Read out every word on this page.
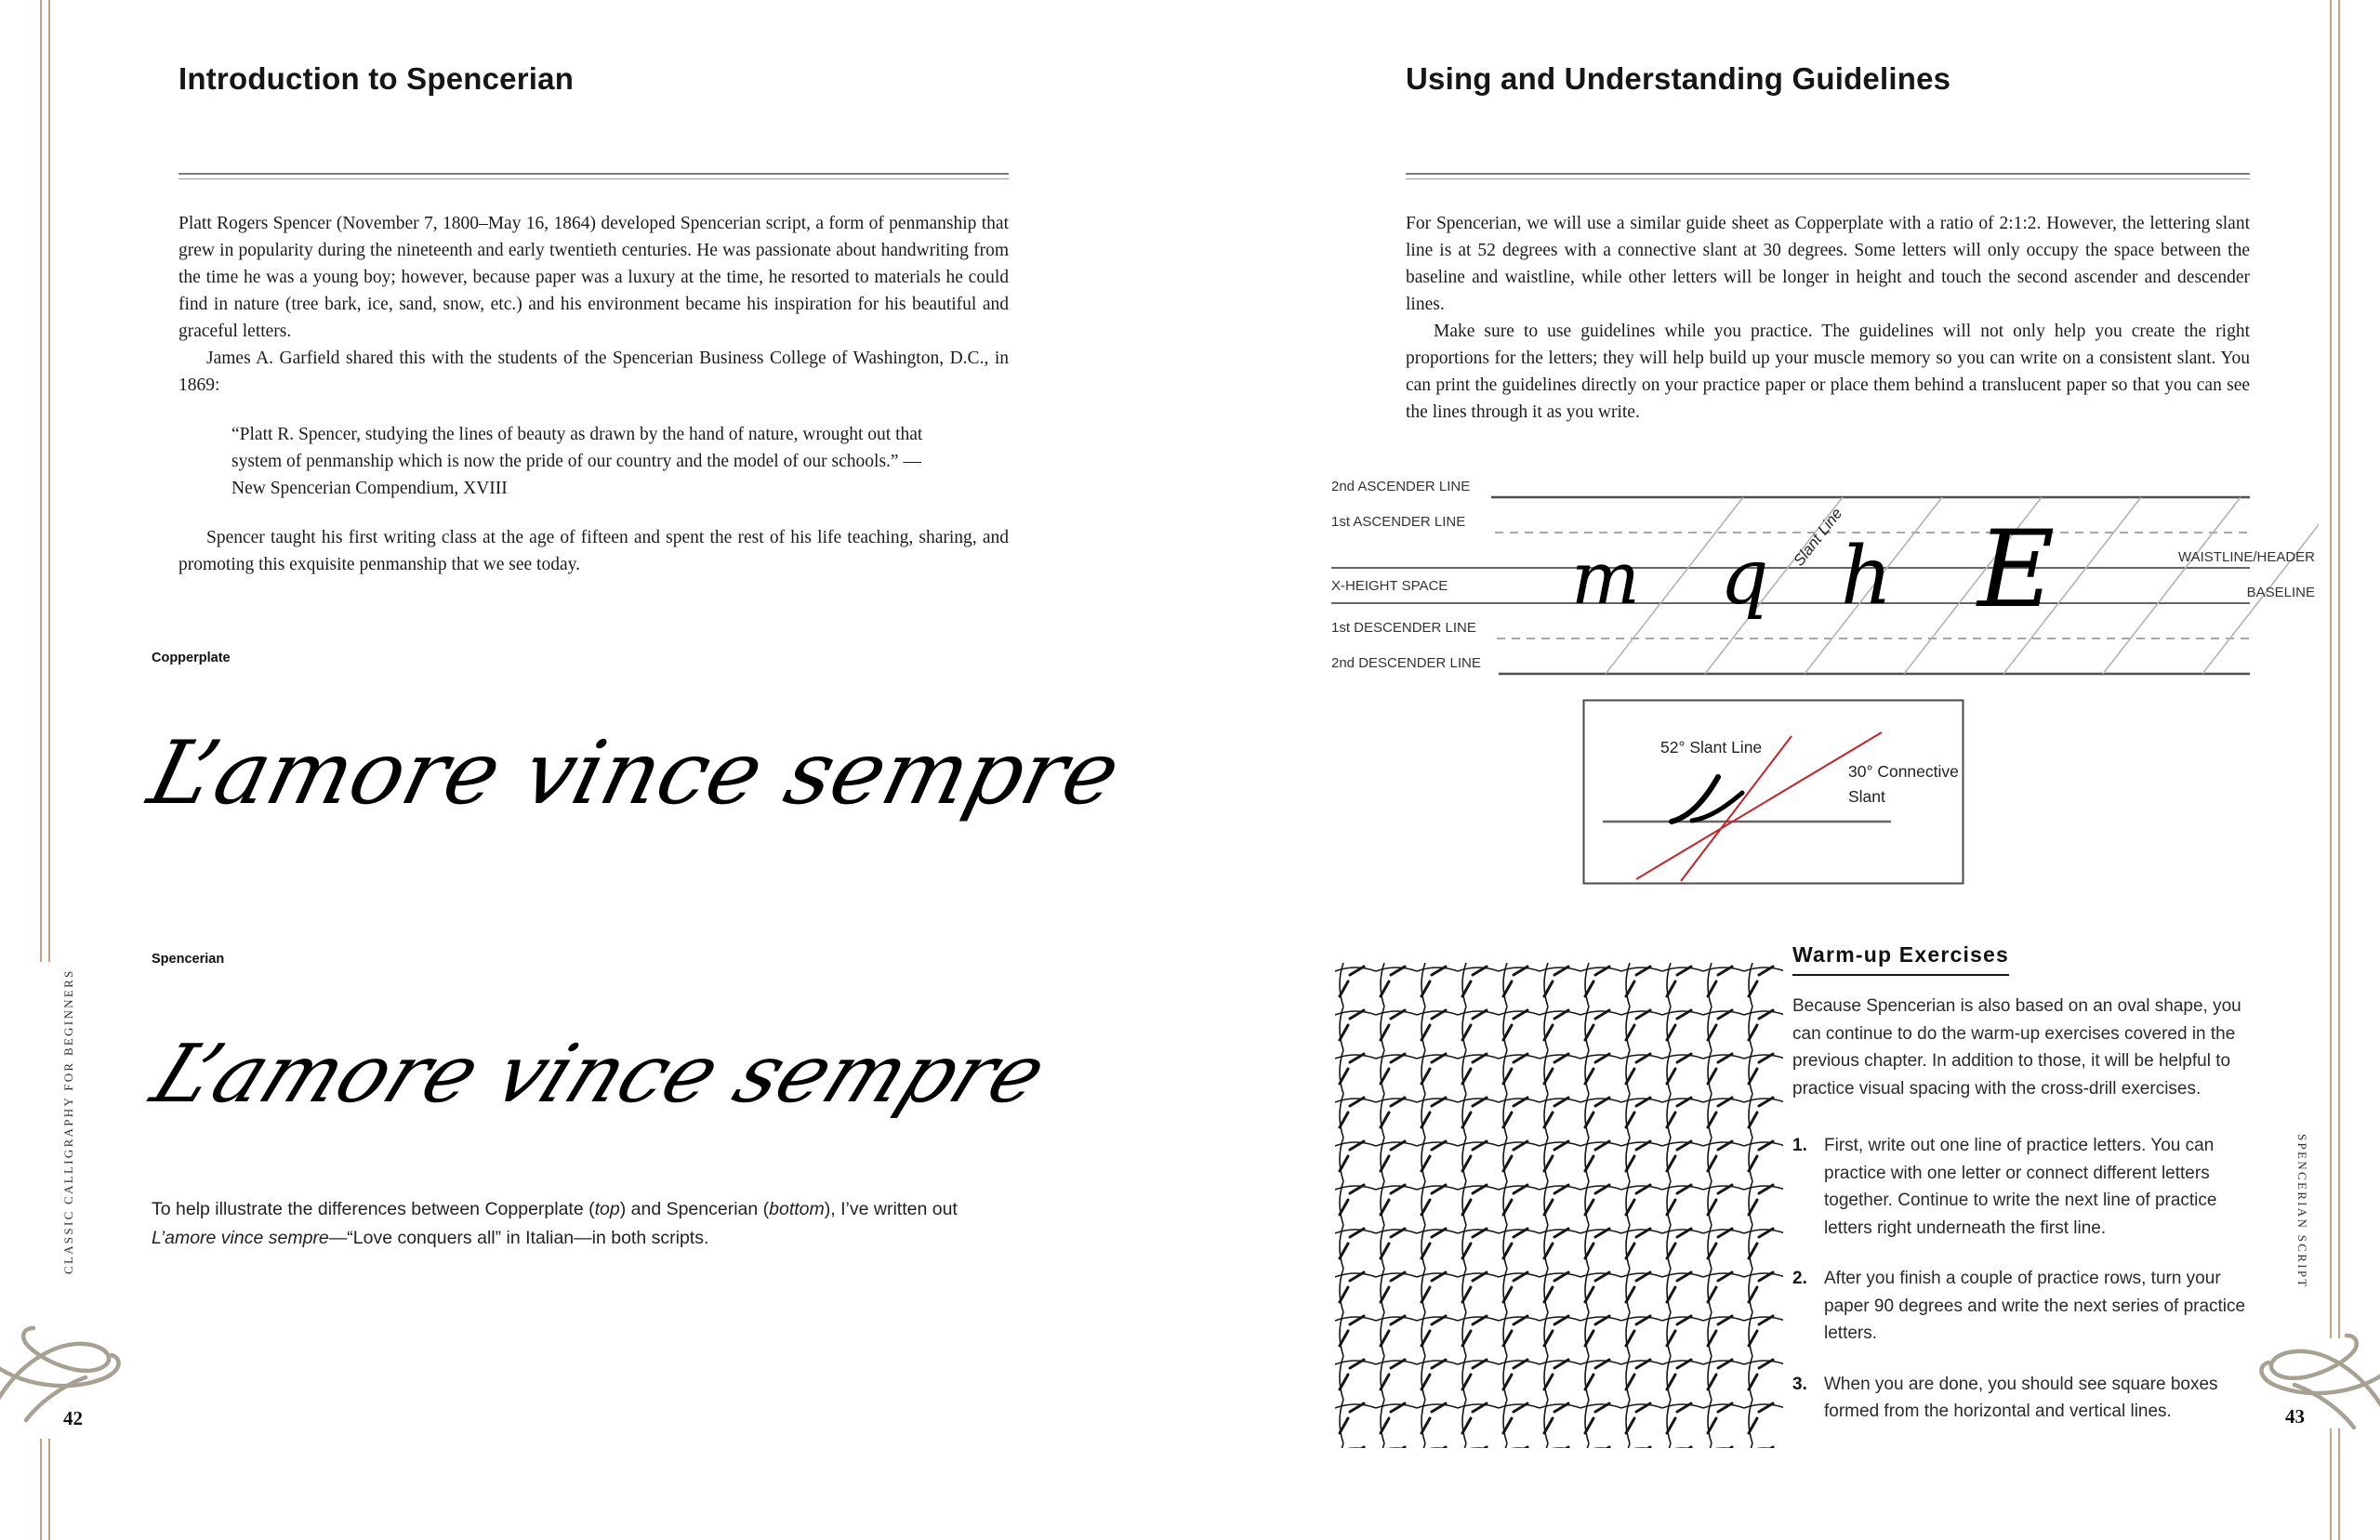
CLASSIC CALLIGRAPHY FOR BEGINNERS
42
Introduction to Spencerian

Platt Rogers Spencer (November 7, 1800–May 16, 1864) developed Spencerian script, a form of penmanship that grew in popularity during the nineteenth and early twentieth centuries. He was passionate about handwriting from the time he was a young boy; however, because paper was a luxury at the time, he resorted to materials he could find in nature (tree bark, ice, sand, snow, etc.) and his environment became his inspiration for his beautiful and graceful letters.

James A. Garfield shared this with the students of the Spencerian Business College of Washington, D.C., in 1869:

“Platt R. Spencer, studying the lines of beauty as drawn by the hand of nature, wrought out that system of penmanship which is now the pride of our country and the model of our schools.” —New Spencerian Compendium, XVIII

Spencer taught his first writing class at the age of fifteen and spent the rest of his life teaching, sharing, and promoting this exquisite penmanship that we see today.

Copperplate
L’amore vince sempre
Spencerian
L’amore vince sempre
To help illustrate the differences between Copperplate (top) and Spencerian (bottom), I’ve written out L’amore vince sempre—“Love conquers all” in Italian—in both scripts.
Using and Understanding Guidelines

For Spencerian, we will use a similar guide sheet as Copperplate with a ratio of 2:1:2. However, the lettering slant line is at 52 degrees with a connective slant at 30 degrees. Some letters will only occupy the space between the baseline and waistline, while other letters will be longer in height and touch the second ascender and descender lines.

Make sure to use guidelines while you practice. The guidelines will not only help you create the right proportions for the letters; they will help build up your muscle memory so you can write on a consistent slant. You can print the guidelines directly on your practice paper or place them behind a translucent paper so that you can see the lines through it as you write.

2nd ASCENDER LINE
1st ASCENDER LINE
X-HEIGHT SPACE
1st DESCENDER LINE
2nd DESCENDER LINE
WAISTLINE/HEADER
BASELINE
Slant Line
m q h E
52° Slant Line
30° Connective
Slant
Warm-up Exercises

Because Spencerian is also based on an oval shape, you can continue to do the warm-up exercises covered in the previous chapter. In addition to those, it will be helpful to practice visual spacing with the cross-drill exercises.

1. First, write out one line of practice letters. You can practice with one letter or connect different letters together. Continue to write the next line of practice letters right underneath the first line.
2. After you finish a couple of practice rows, turn your paper 90 degrees and write the next series of practice letters.
3. When you are done, you should see square boxes formed from the horizontal and vertical lines.
SPENCERIAN SCRIPT
43
